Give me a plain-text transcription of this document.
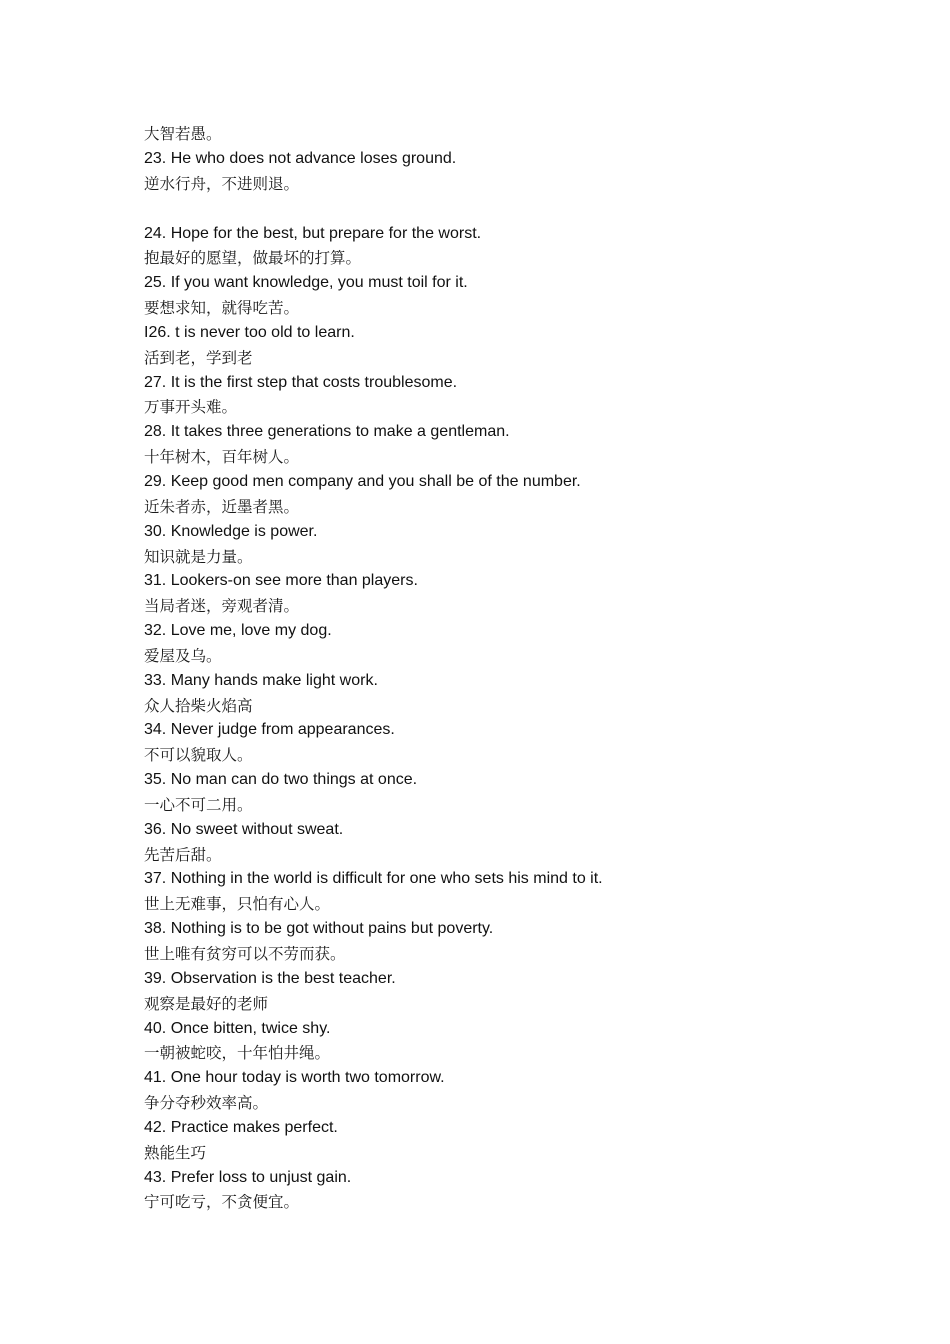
大智若愚。
23. He who does not advance loses ground.
逆水行舟，不进则退。
24. Hope for the best, but prepare for the worst.
抱最好的愿望，做最坏的打算。
25. If you want knowledge, you must toil for it.
要想求知，就得吃苦。
I26. t is never too old to learn.
活到老，学到老
27. It is the first step that costs troublesome.
万事开头难。
28. It takes three generations to make a gentleman.
十年树木，百年树人。
29. Keep good men company and you shall be of the number.
近朱者赤，近墨者黑。
30. Knowledge is power.
知识就是力量。
31. Lookers-on see more than players.
当局者迷，旁观者清。
32. Love me, love my dog.
爱屋及乌。
33. Many hands make light work.
众人拾柴火焰高
34. Never judge from appearances.
不可以貌取人。
35. No man can do two things at once.
一心不可二用。
36. No sweet without sweat.
先苦后甜。
37. Nothing in the world is difficult for one who sets his mind to it.
世上无难事，只怕有心人。
38. Nothing is to be got without pains but poverty.
世上唯有贫穷可以不劳而获。
39. Observation is the best teacher.
观察是最好的老师
40. Once bitten, twice shy.
一朝被蛇咬，十年怕井绳。
41. One hour today is worth two tomorrow.
争分夺秒效率高。
42. Practice makes perfect.
熟能生巧
43. Prefer loss to unjust gain.
宁可吃亏，不贪便宜。
